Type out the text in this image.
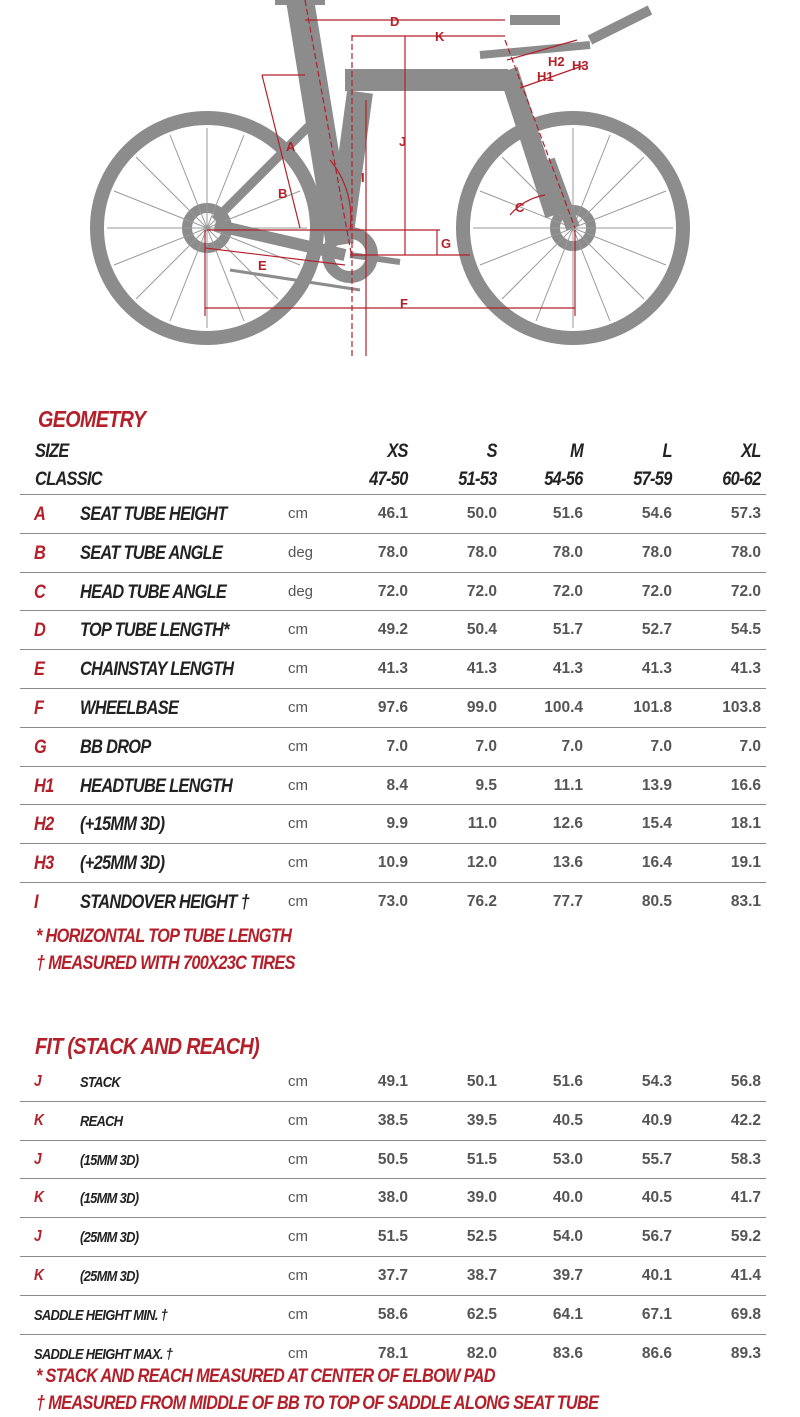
D
K
H2 H3
H1
J
A
I
B
C
G
E
F
GEOMETRY
SIZE
CLASSIC
XS	S	M	L	XL
47-50	51-53	54-56	57-59	60-62
A SEAT TUBE HEIGHT	cm	46.1	50.0	51.6	54.6	57.3
B SEAT TUBE ANGLE	deg	78.0	78.0	78.0	78.0	78.0
C HEAD TUBE ANGLE	deg	72.0	72.0	72.0	72.0	72.0
D TOP TUBE LENGTH*	cm	49.2	50.4	51.7	52.7	54.5
E CHAINSTAY LENGTH	cm	41.3	41.3	41.3	41.3	41.3
F WHEELBASE	cm	97.6	99.0	100.4	101.8	103.8
G BB DROP	cm	7.0	7.0	7.0	7.0	7.0
H1 HEADTUBE LENGTH	cm	8.4	9.5	11.1	13.9	16.6
H2 (+15MM 3D)	cm	9.9	11.0	12.6	15.4	18.1
H3 (+25MM 3D)	cm	10.9	12.0	13.6	16.4	19.1
I STANDOVER HEIGHT †	cm	73.0	76.2	77.7	80.5	83.1
* HORIZONTAL TOP TUBE LENGTH
† MEASURED WITH 700X23C TIRES
FIT (STACK AND REACH)
J	STACK	cm	49.1	50.1	51.6	54.3	56.8
K REACH	cm	38.5	39.5	40.5	40.9	42.2
J	(15MM 3D)	cm	50.5	51.5	53.0	55.7	58.3
K (15MM 3D)	cm	38.0	39.0	40.0	40.5	41.7
J	(25MM 3D)	cm	51.5	52.5	54.0	56.7	59.2
K (25MM 3D)	cm	37.7	38.7	39.7	40.1	41.4
SADDLE HEIGHT MIN. †	cm	58.6	62.5	64.1	67.1	69.8
SADDLE HEIGHT MAX. †	cm	78.1	82.0	83.6	86.6	89.3
* STACK AND REACH MEASURED AT CENTER OF ELBOW PAD
† MEASURED FROM MIDDLE OF BB TO TOP OF SADDLE ALONG SEAT TUBE
